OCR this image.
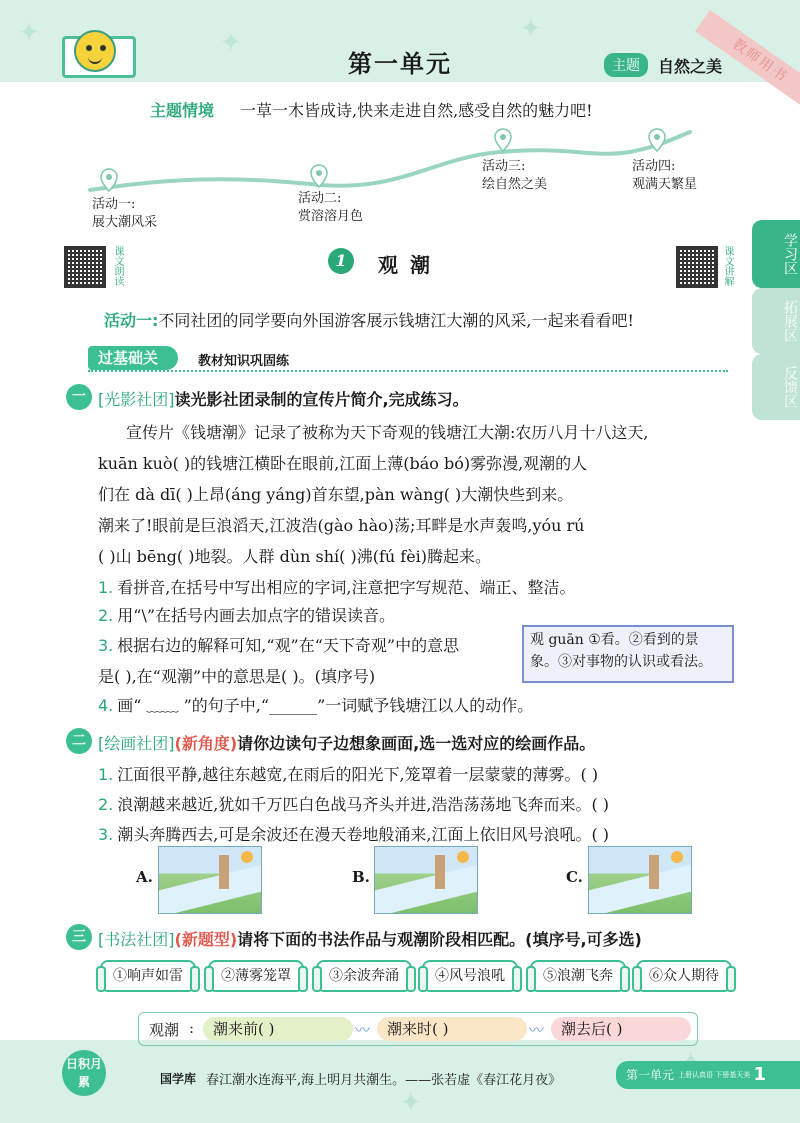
✦	✦	✦
✦
第一单元	主题	自然之美 教师用书
主题情境 一草一木皆成诗,快来走进自然,感受自然的魅力吧!
活动一:
展大潮风采
活动二:
赏溶溶月色
活动三:
绘自然之美
活动四:
观满天繁星
学习区
拓展区
反馈区
课文朗读	课文讲解
1	观潮
活动一:不同社团的同学要向外国游客展示钱塘江大潮的风采,一起来看看吧!
过基础关	教材知识巩固练
一 [光影社团]读光影社团录制的宣传片简介,完成练习。
宣传片《钱塘潮》记录了被称为天下奇观的钱塘江大潮:农历八月十八这天,
kuān kuò( )的钱塘江横卧在眼前,江面上薄(báo bó)雾弥漫,观潮的人
们在 dà dī( )上昂(áng yáng)首东望,pàn wàng( )大潮快些到来。
潮来了!眼前是巨浪滔天,江波浩(gào hào)荡;耳畔是水声轰鸣,yóu rú
( )山 bēng( )地裂。人群 dùn shí( )沸(fú fèi)腾起来。
1. 看拼音,在括号中写出相应的字词,注意把字写规范、端正、整洁。
2. 用“\”在括号内画去加点字的错误读音。
3. 根据右边的解释可知,“观”在“天下奇观”中的意思
是( ),在“观潮”中的意思是( )。(填序号)
4. 画“ ﹏﹏ ”的句子中,“______”一词赋予钱塘江以人的动作。
观 guān ①看。②看到的景象。③对事物的认识或看法。
二 [绘画社团](新角度)请你边读句子边想象画面,选一选对应的绘画作品。
1. 江面很平静,越往东越宽,在雨后的阳光下,笼罩着一层蒙蒙的薄雾。( )
2. 浪潮越来越近,犹如千万匹白色战马齐头并进,浩浩荡荡地飞奔而来。( )
3. 潮头奔腾西去,可是余波还在漫天卷地般涌来,江面上依旧风号浪吼。( )
A.	B.	C.
三 [书法社团](新题型)请将下面的书法作品与观潮阶段相匹配。(填序号,可多选)
①响声如雷	②薄雾笼罩	③余波奔涌	④风号浪吼	⑤浪潮飞奔	⑥众人期待
观潮 :	潮来前( )	〰	潮来时( )	〰	潮去后( )
日积月累	国学库 春江潮水连海平,海上明月共潮生。——张若虚《春江花月夜》	第一单元 上册认真语 下册基天美 1
